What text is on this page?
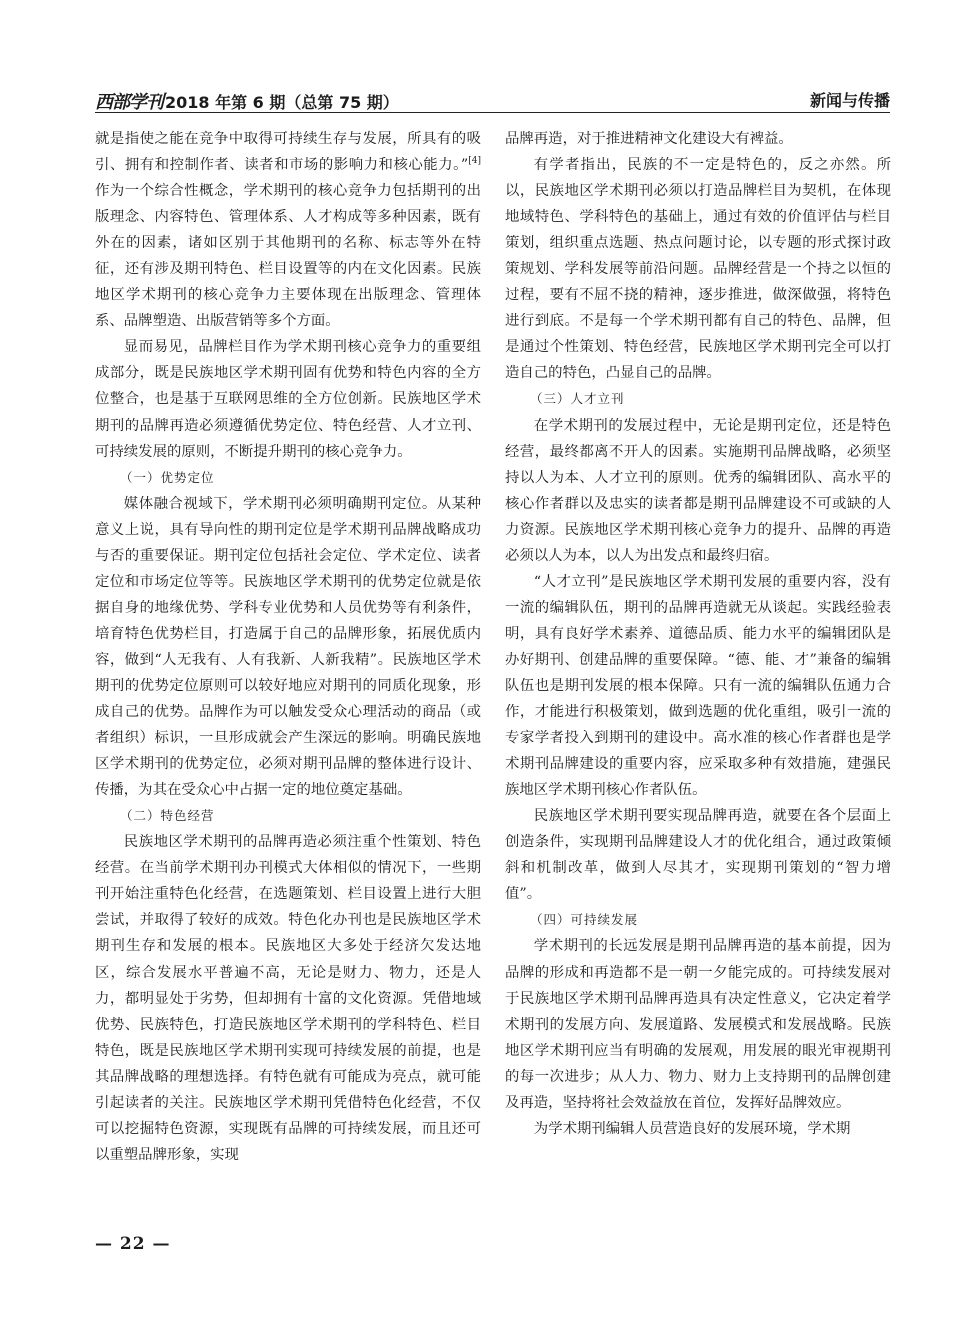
西部学刊 2018 年第 6 期（总第 75 期）	新闻与传播

就是指使之能在竞争中取得可持续生存与发展，所具有的吸引、拥有和控制作者、读者和市场的影响力和核心能力。”[4]作为一个综合性概念，学术期刊的核心竞争力包括期刊的出版理念、内容特色、管理体系、人才构成等多种因素，既有外在的因素，诸如区别于其他期刊的名称、标志等外在特征，还有涉及期刊特色、栏目设置等的内在文化因素。民族地区学术期刊的核心竞争力主要体现在出版理念、管理体系、品牌塑造、出版营销等多个方面。

显而易见，品牌栏目作为学术期刊核心竞争力的重要组成部分，既是民族地区学术期刊固有优势和特色内容的全方位整合，也是基于互联网思维的全方位创新。民族地区学术期刊的品牌再造必须遵循优势定位、特色经营、人才立刊、可持续发展的原则，不断提升期刊的核心竞争力。

（一）优势定位

媒体融合视域下，学术期刊必须明确期刊定位。从某种意义上说，具有导向性的期刊定位是学术期刊品牌战略成功与否的重要保证。期刊定位包括社会定位、学术定位、读者定位和市场定位等等。民族地区学术期刊的优势定位就是依据自身的地缘优势、学科专业优势和人员优势等有利条件，培育特色优势栏目，打造属于自己的品牌形象，拓展优质内容，做到“人无我有、人有我新、人新我精”。民族地区学术期刊的优势定位原则可以较好地应对期刊的同质化现象，形成自己的优势。品牌作为可以触发受众心理活动的商品（或者组织）标识，一旦形成就会产生深远的影响。明确民族地区学术期刊的优势定位，必须对期刊品牌的整体进行设计、传播，为其在受众心中占据一定的地位奠定基础。

（二）特色经营

民族地区学术期刊的品牌再造必须注重个性策划、特色经营。在当前学术期刊办刊模式大体相似的情况下，一些期刊开始注重特色化经营，在选题策划、栏目设置上进行大胆尝试，并取得了较好的成效。特色化办刊也是民族地区学术期刊生存和发展的根本。民族地区大多处于经济欠发达地区，综合发展水平普遍不高，无论是财力、物力，还是人力，都明显处于劣势，但却拥有十富的文化资源。凭借地域优势、民族特色，打造民族地区学术期刊的学科特色、栏目特色，既是民族地区学术期刊实现可持续发展的前提，也是其品牌战略的理想选择。有特色就有可能成为亮点，就可能引起读者的关注。民族地区学术期刊凭借特色化经营，不仅可以挖掘特色资源，实现既有品牌的可持续发展，而且还可以重塑品牌形象，实现

品牌再造，对于推进精神文化建设大有裨益。

有学者指出，民族的不一定是特色的，反之亦然。所以，民族地区学术期刊必须以打造品牌栏目为契机，在体现地域特色、学科特色的基础上，通过有效的价值评估与栏目策划，组织重点选题、热点问题讨论，以专题的形式探讨政策规划、学科发展等前沿问题。品牌经营是一个持之以恒的过程，要有不屈不挠的精神，逐步推进，做深做强，将特色进行到底。不是每一个学术期刊都有自己的特色、品牌，但是通过个性策划、特色经营，民族地区学术期刊完全可以打造自己的特色，凸显自己的品牌。

（三）人才立刊

在学术期刊的发展过程中，无论是期刊定位，还是特色经营，最终都离不开人的因素。实施期刊品牌战略，必须坚持以人为本、人才立刊的原则。优秀的编辑团队、高水平的核心作者群以及忠实的读者都是期刊品牌建设不可或缺的人力资源。民族地区学术期刊核心竞争力的提升、品牌的再造必须以人为本，以人为出发点和最终归宿。

“人才立刊”是民族地区学术期刊发展的重要内容，没有一流的编辑队伍，期刊的品牌再造就无从谈起。实践经验表明，具有良好学术素养、道德品质、能力水平的编辑团队是办好期刊、创建品牌的重要保障。“德、能、才”兼备的编辑队伍也是期刊发展的根本保障。只有一流的编辑队伍通力合作，才能进行积极策划，做到选题的优化重组，吸引一流的专家学者投入到期刊的建设中。高水准的核心作者群也是学术期刊品牌建设的重要内容，应采取多种有效措施，建强民族地区学术期刊核心作者队伍。

民族地区学术期刊要实现品牌再造，就要在各个层面上创造条件，实现期刊品牌建设人才的优化组合，通过政策倾斜和机制改革，做到人尽其才，实现期刊策划的“智力增值”。

（四）可持续发展

学术期刊的长远发展是期刊品牌再造的基本前提，因为品牌的形成和再造都不是一朝一夕能完成的。可持续发展对于民族地区学术期刊品牌再造具有决定性意义，它决定着学术期刊的发展方向、发展道路、发展模式和发展战略。民族地区学术期刊应当有明确的发展观，用发展的眼光审视期刊的每一次进步；从人力、物力、财力上支持期刊的品牌创建及再造，坚持将社会效益放在首位，发挥好品牌效应。

为学术期刊编辑人员营造良好的发展环境，学术期

— 22 —
